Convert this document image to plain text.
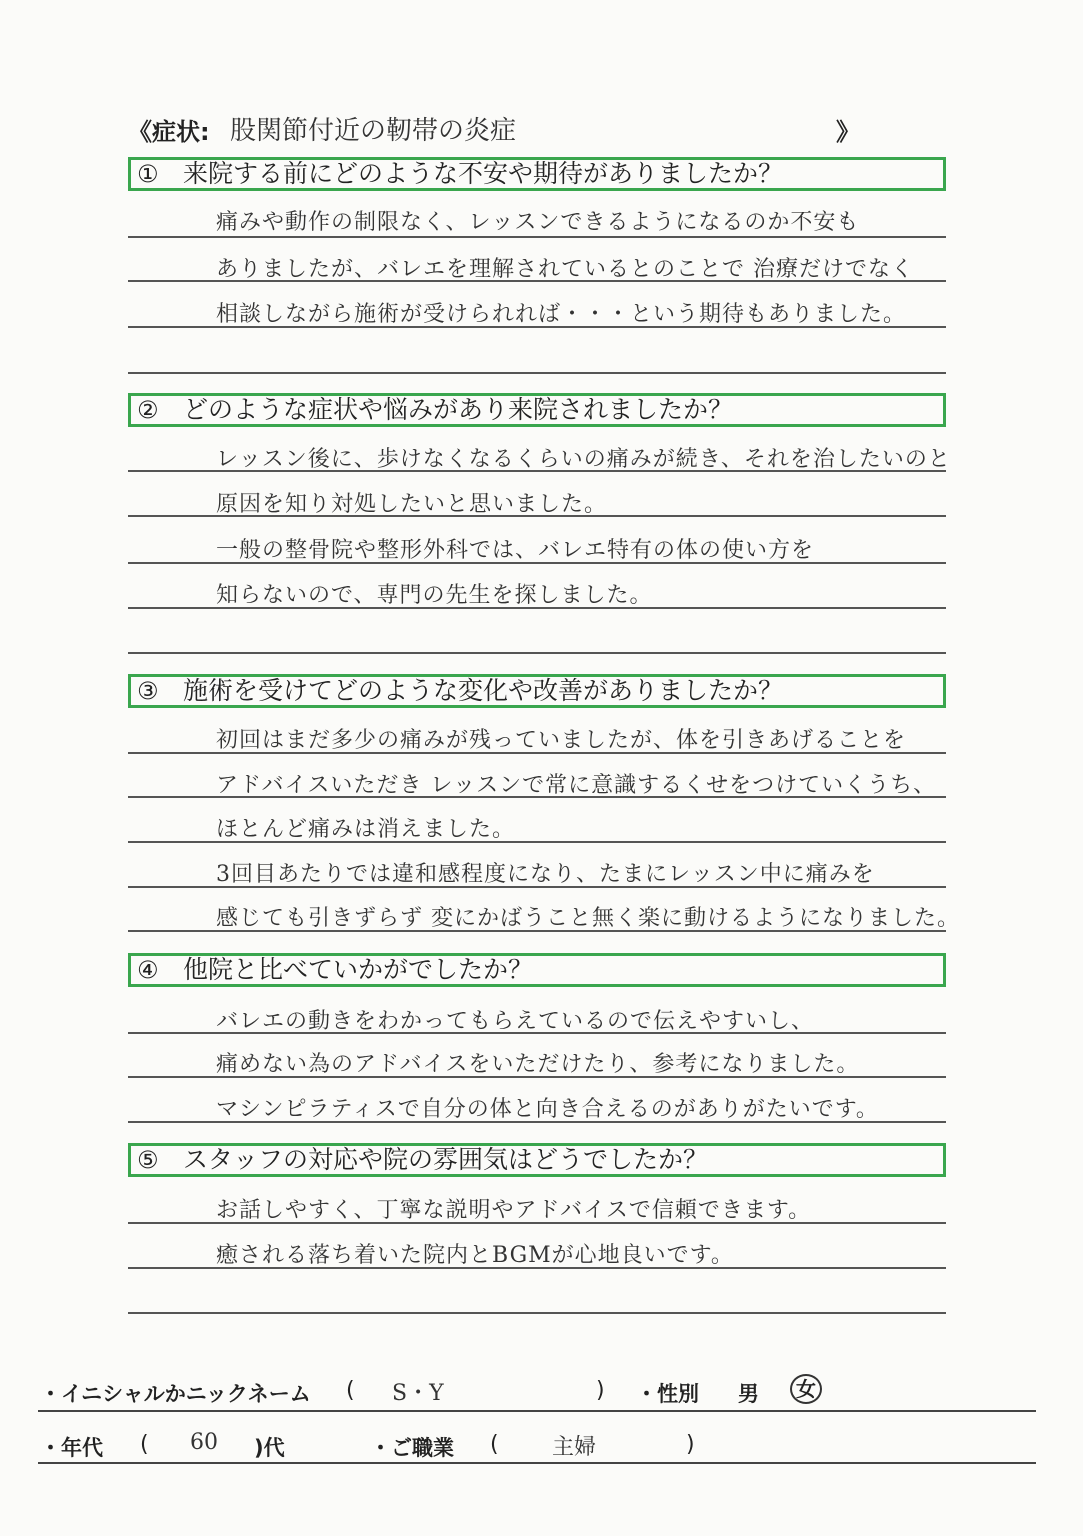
《症状: 股関節付近の靭帯の炎症	》
① 来院する前にどのような不安や期待がありましたか？
痛みや動作の制限なく、レッスンできるようになるのか不安も
ありましたが、バレエを理解されているとのことで 治療だけでなく
相談しながら施術が受けられれば・・・という期待もありました。
② どのような症状や悩みがあり来院されましたか？
レッスン後に、歩けなくなるくらいの痛みが続き、それを治したいのと
原因を知り対処したいと思いました。
一般の整骨院や整形外科では、バレエ特有の体の使い方を
知らないので、専門の先生を探しました。
③ 施術を受けてどのような変化や改善がありましたか？
初回はまだ多少の痛みが残っていましたが、体を引きあげることを
アドバイスいただき レッスンで常に意識するくせをつけていくうち、
ほとんど痛みは消えました。
3回目あたりでは違和感程度になり、たまにレッスン中に痛みを
感じても引きずらず 変にかばうこと無く楽に動けるようになりました。
④ 他院と比べていかがでしたか？
バレエの動きをわかってもらえているので伝えやすいし、
痛めない為のアドバイスをいただけたり、参考になりました。
マシンピラティスで自分の体と向き合えるのがありがたいです。
⑤ スタッフの対応や院の雰囲気はどうでしたか？
お話しやすく、丁寧な説明やアドバイスで信頼できます。
癒される落ち着いた院内とBGMが心地良いです。
・イニシャルかニックネーム ( S・Y	) ・性別 男	女
・年代 ( 60 )代	・ご職業 ( 主婦	)
